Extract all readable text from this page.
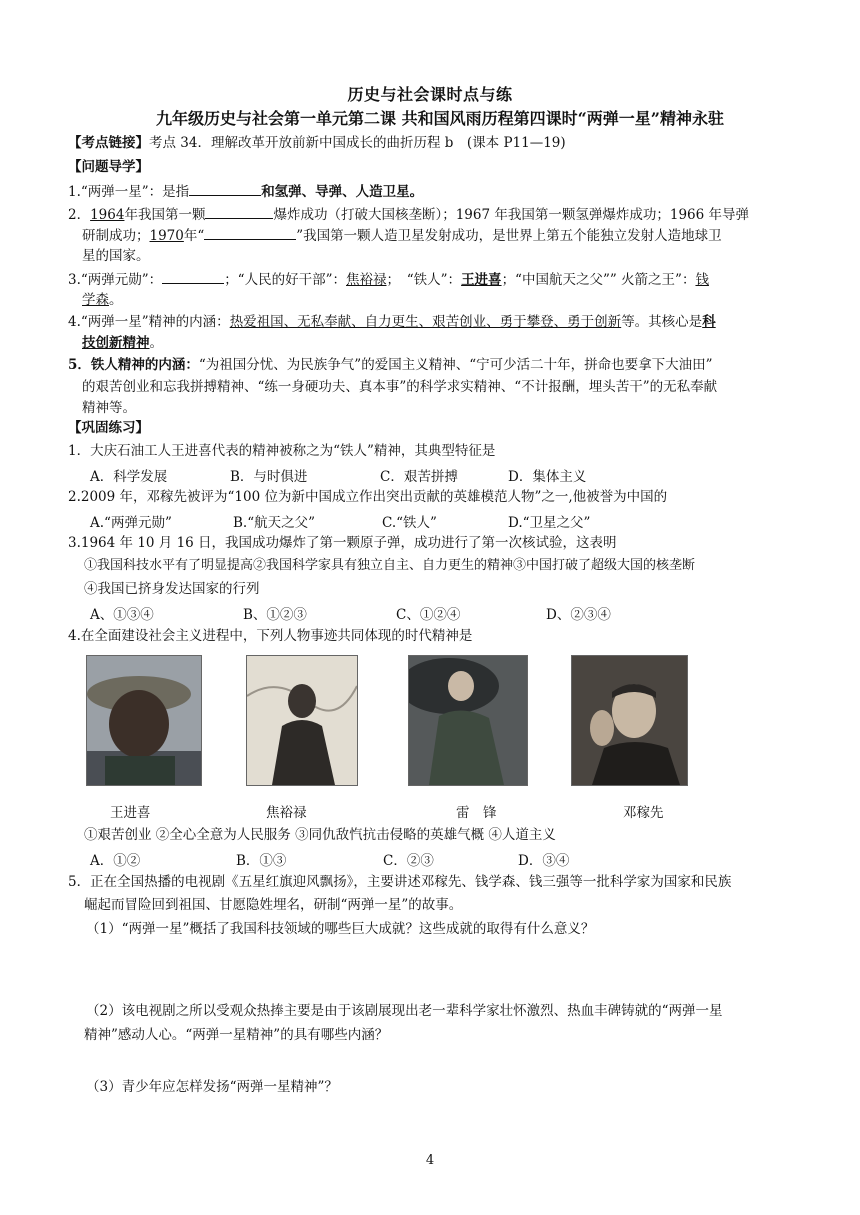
历史与社会课时点与练
九年级历史与社会第一单元第二课 共和国风雨历程第四课时“两弹一星”精神永驻
【考点链接】考点 34．理解改革开放前新中国成长的曲折历程 b　(课本 P11—19)
【问题导学】
1.“两弹一星”：是指	和氢弹、导弹、人造卫星。
2．1964年我国第一颗	爆炸成功（打破大国核垄断）；1967 年我国第一颗氢弹爆炸成功；1966 年导弹
研制成功；1970年“	”我国第一颗人造卫星发射成功，是世界上第五个能独立发射人造地球卫
星的国家。
3.“两弹元勋”：	；“人民的好干部”：焦裕禄；　“铁人”：王进喜；“中国航天之父”” 火箭之王”：钱
学森。
4.“两弹一星”精神的内涵：热爱祖国、无私奉献、自力更生、艰苦创业、勇于攀登、勇于创新等。其核心是科
技创新精神。
5．铁人精神的内涵：“为祖国分忧、为民族争气”的爱国主义精神、“宁可少活二十年，拼命也要拿下大油田”
的艰苦创业和忘我拼搏精神、“练一身硬功夫、真本事”的科学求实精神、“不计报酬，埋头苦干”的无私奉献
精神等。
【巩固练习】
1．大庆石油工人王进喜代表的精神被称之为“铁人”精神，其典型特征是
A．科学发展	B．与时俱进	C．艰苦拼搏	D．集体主义
2.2009 年，邓稼先被评为“100 位为新中国成立作出突出贡献的英雄模范人物”之一,他被誉为中国的
A.“两弹元勋”	B.“航天之父”	C.“铁人”	D.“卫星之父”
3.1964 年 10 月 16 日，我国成功爆炸了第一颗原子弹，成功进行了第一次核试验，这表明
①我国科技水平有了明显提高②我国科学家具有独立自主、自力更生的精神③中国打破了超级大国的核垄断
④我国已挤身发达国家的行列
A、①③④	B、①②③	C、①②④	D、②③④
4.在全面建设社会主义进程中，下列人物事迹共同体现的时代精神是
王进喜	焦裕禄	雷　锋	邓稼先
①艰苦创业 ②全心全意为人民服务 ③同仇敌忾抗击侵略的英雄气概 ④人道主义
A．①②	B．①③	C．②③	D．③④
5．正在全国热播的电视剧《五星红旗迎风飘扬》，主要讲述邓稼先、钱学森、钱三强等一批科学家为国家和民族
崛起而冒险回到祖国、甘愿隐姓埋名，研制“两弹一星”的故事。
（1）“两弹一星”概括了我国科技领域的哪些巨大成就？这些成就的取得有什么意义？
（2）该电视剧之所以受观众热捧主要是由于该剧展现出老一辈科学家壮怀激烈、热血丰碑铸就的“两弹一星
精神”感动人心。“两弹一星精神”的具有哪些内涵？
（3）青少年应怎样发扬“两弹一星精神”？
4
